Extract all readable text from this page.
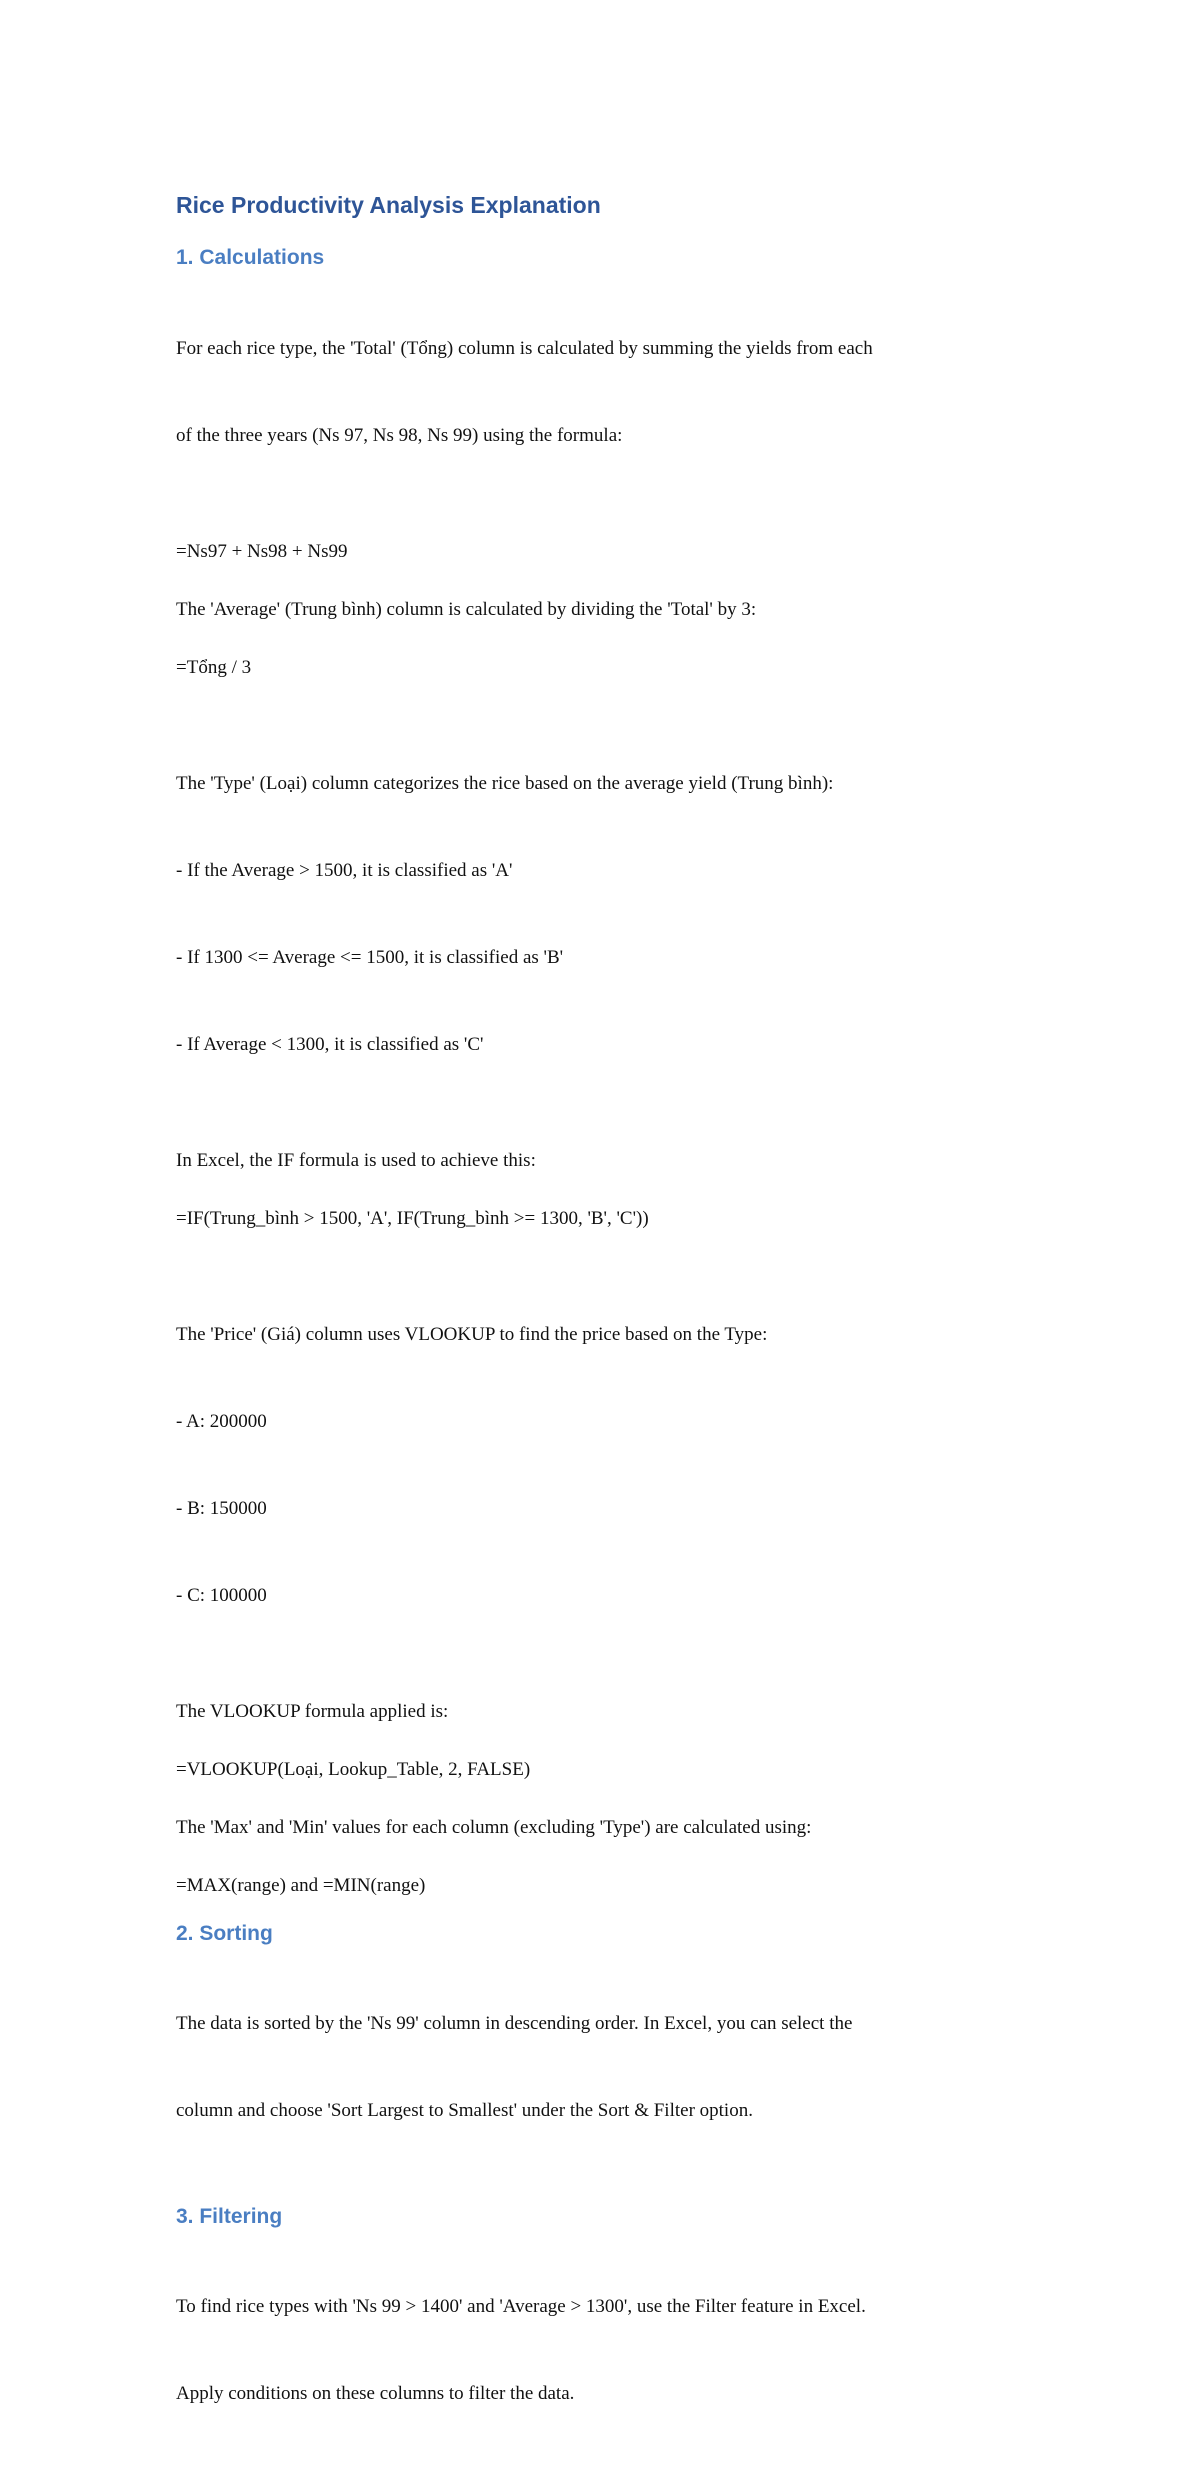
Rice Productivity Analysis Explanation
1. Calculations

For each rice type, the 'Total' (Tổng) column is calculated by summing the yields from each

of the three years (Ns 97, Ns 98, Ns 99) using the formula:

=Ns97 + Ns98 + Ns99
The 'Average' (Trung bình) column is calculated by dividing the 'Total' by 3:
=Tổng / 3

The 'Type' (Loại) column categorizes the rice based on the average yield (Trung bình):

- If the Average > 1500, it is classified as 'A'

- If 1300 <= Average <= 1500, it is classified as 'B'

- If Average < 1300, it is classified as 'C'

In Excel, the IF formula is used to achieve this:
=IF(Trung_bình > 1500, 'A', IF(Trung_bình >= 1300, 'B', 'C'))

The 'Price' (Giá) column uses VLOOKUP to find the price based on the Type:

- A: 200000

- B: 150000

- C: 100000

The VLOOKUP formula applied is:
=VLOOKUP(Loại, Lookup_Table, 2, FALSE)
The 'Max' and 'Min' values for each column (excluding 'Type') are calculated using:
=MAX(range) and =MIN(range)
2. Sorting

The data is sorted by the 'Ns 99' column in descending order. In Excel, you can select the

column and choose 'Sort Largest to Smallest' under the Sort & Filter option.

3. Filtering

To find rice types with 'Ns 99 > 1400' and 'Average > 1300', use the Filter feature in Excel.

Apply conditions on these columns to filter the data.
